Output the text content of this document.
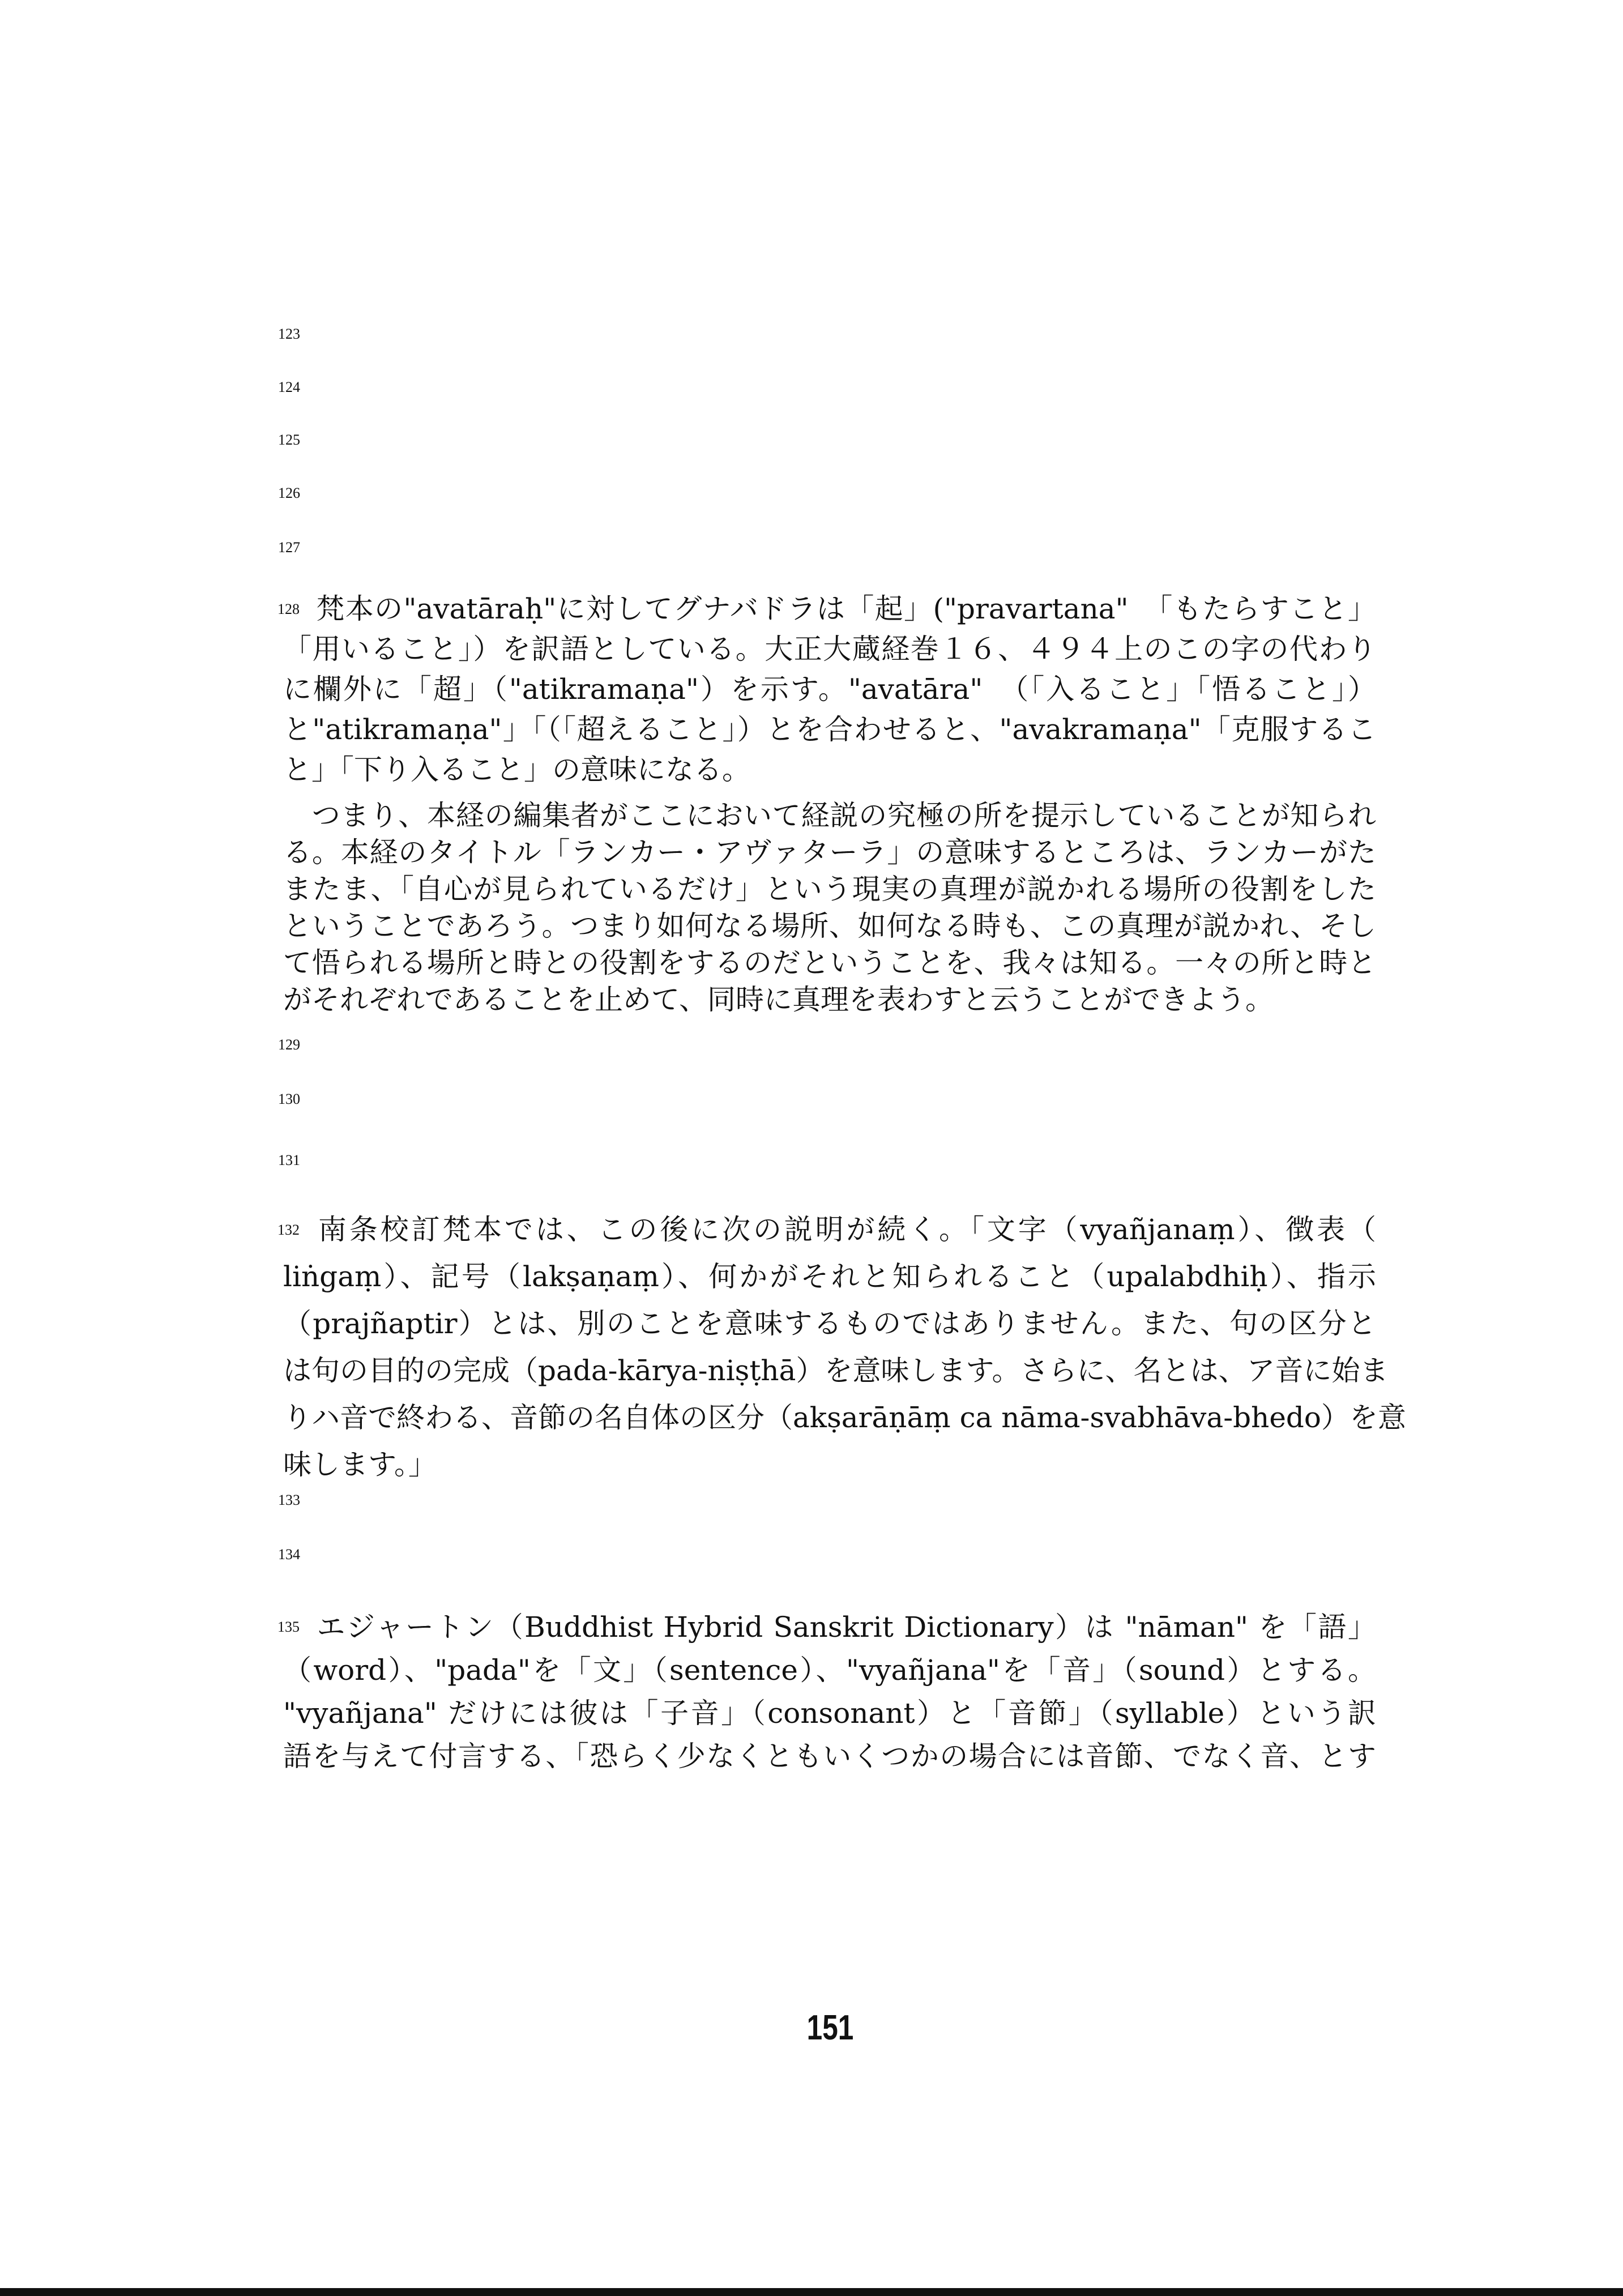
123
124
125
126
127
$^{128}$ 梵本の"avatāraḥ"に対してグナバドラは「起」("pravartana"　「もたらすこと」
「用いること」）を訳語としている。大正大蔵経巻１６、４９４上のこの字の代わり
に欄外に「超」（"atikramaṇa"）を示す。"avatāra"　（「入ること」「悟ること」）
と"atikramaṇa"」「（「超えること」）とを合わせると、"avakramaṇa"「克服するこ
と」「下り入ること」の意味になる。
　つまり、本経の編集者がここにおいて経説の究極の所を提示していることが知られ
る。本経のタイトル「ランカー・アヴァターラ」の意味するところは、ランカーがた
またま、「自心が見られているだけ」という現実の真理が説かれる場所の役割をした
ということであろう。つまり如何なる場所、如何なる時も、この真理が説かれ、そし
て悟られる場所と時との役割をするのだということを、我々は知る。一々の所と時と
がそれぞれであることを止めて、同時に真理を表わすと云うことができよう。
129
130
131
$^{132}$ 南条校訂梵本では、この後に次の説明が続く。「文字（vyañjanaṃ）、徴表（
liṅgaṃ）、記号（lakṣaṇaṃ）、何かがそれと知られること（upalabdhiḥ）、指示
（prajñaptir）とは、別のことを意味するものではありません。また、句の区分と
は句の目的の完成（pada-kārya-niṣṭhā）を意味します。さらに、名とは、ア音に始ま
りハ音で終わる、音節の名自体の区分（akṣarāṇāṃ ca nāma-svabhāva-bhedo）を意
味します。」
133
134
$^{135}$ エジャートン（Buddhist Hybrid Sanskrit Dictionary）は "nāman" を「語」
（word）、"pada"を「文」（sentence）、"vyañjana"を「音」（sound）とする。
"vyañjana" だけには彼は「子音」（consonant）と「音節」（syllable）という訳
語を与えて付言する、「恐らく少なくともいくつかの場合には音節、でなく音、とす
151
